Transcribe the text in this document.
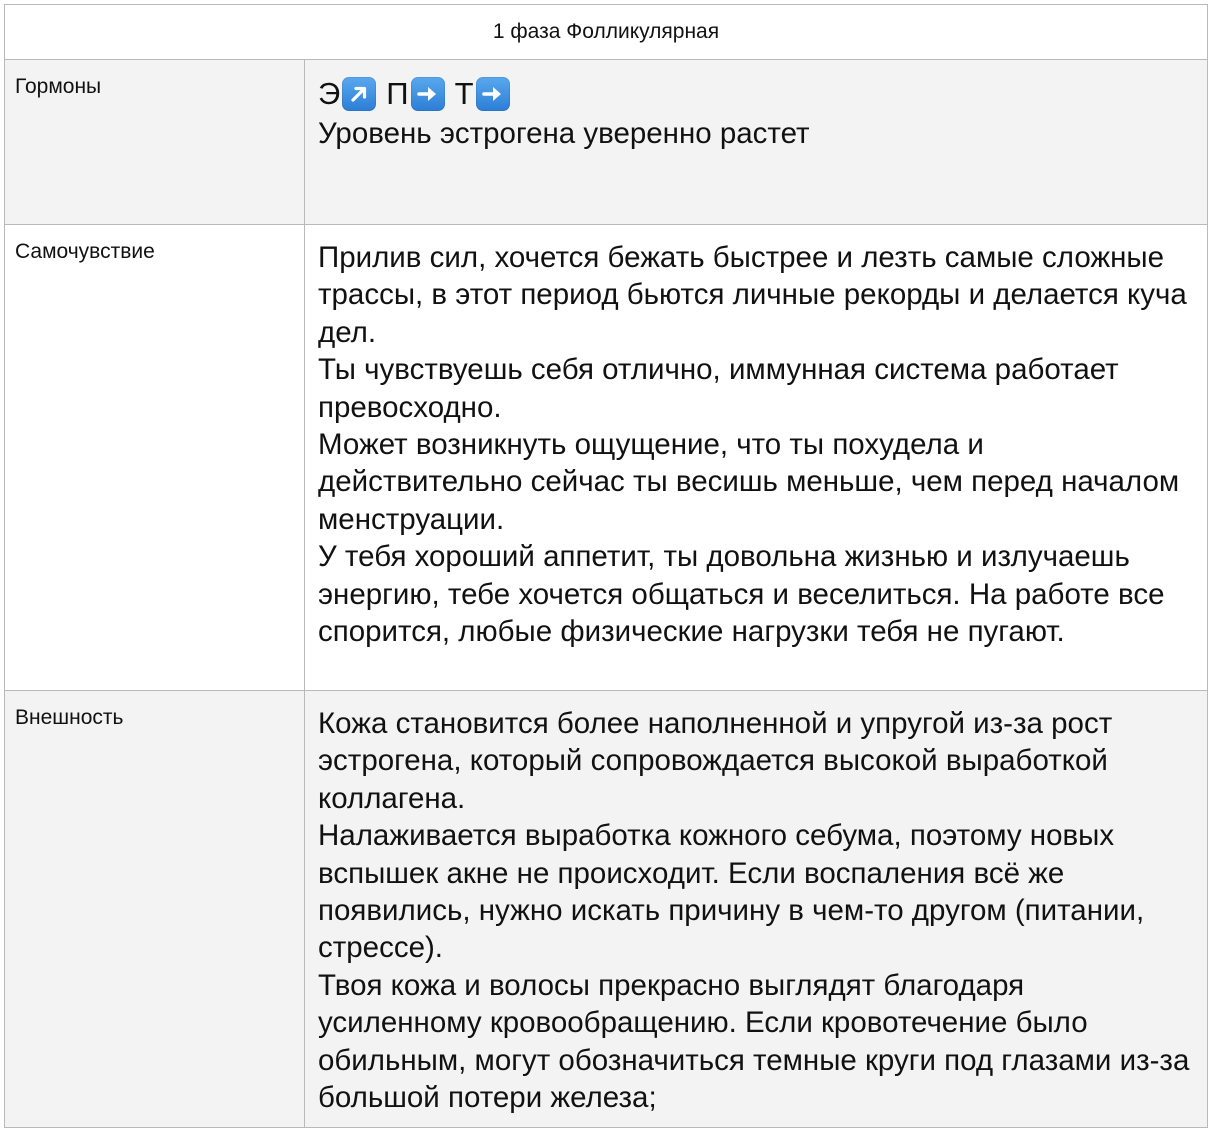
1 фаза Фолликулярная	
Гормоны	Э П Т

Уровень эстрогена уверенно растет

Самочувствие	Прилив сил, хочется бежать быстрее и лезть самые сложные трассы, в этот период бьются личные рекорды и делается куча дел.

Ты чувствуешь себя отлично, иммунная система работает превосходно.

Может возникнуть ощущение, что ты похудела и действительно сейчас ты весишь меньше, чем перед началом менструации.

У тебя хороший аппетит, ты довольна жизнью и излучаешь энергию, тебе хочется общаться и веселиться. На работе все спорится, любые физические нагрузки тебя не пугают.

Внешность	Кожа становится более наполненной и упругой из-за рост эстрогена, который сопровождается высокой выработкой коллагена.

Налаживается выработка кожного себума, поэтому новых вспышек акне не происходит. Если воспаления всё же появились, нужно искать причину в чем-то другом (питании, стрессе).

Твоя кожа и волосы прекрасно выглядят благодаря усиленному кровообращению. Если кровотечение было обильным, могут обозначиться темные круги под глазами из-за большой потери железа;
